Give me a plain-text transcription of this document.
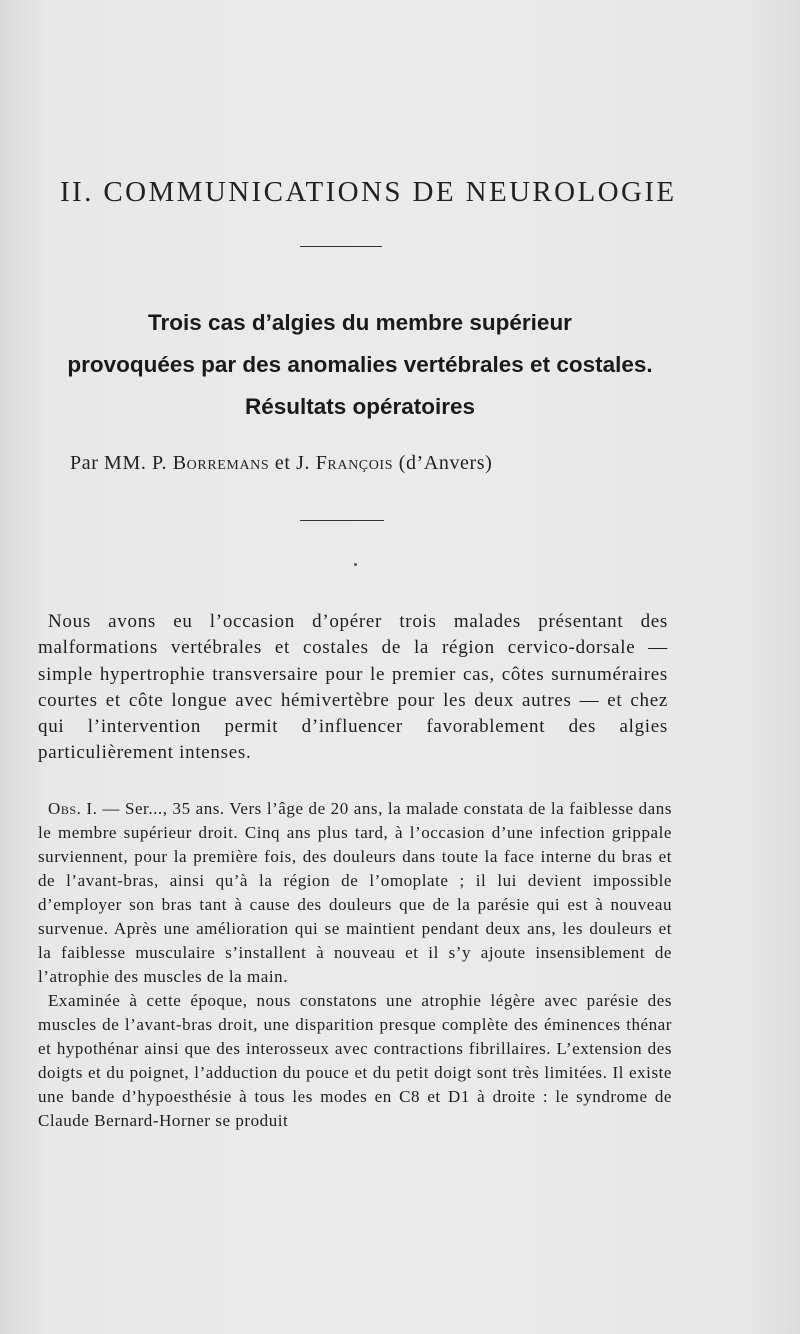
II. COMMUNICATIONS DE NEUROLOGIE
Trois cas d’algies du membre supérieur
provoquées par des anomalies vertébrales et costales.
Résultats opératoires
Par MM. P. Borremans et J. François (d’Anvers)

Nous avons eu l’occasion d’opérer trois malades présentant des malformations vertébrales et costales de la région cervico-dorsale — simple hypertrophie transversaire pour le premier cas, côtes surnuméraires courtes et côte longue avec hémivertèbre pour les deux autres — et chez qui l’intervention permit d’influencer favorablement des algies particulièrement intenses.

Obs. I. — Ser..., 35 ans. Vers l’âge de 20 ans, la malade constata de la faiblesse dans le membre supérieur droit. Cinq ans plus tard, à l’occasion d’une infection grippale surviennent, pour la première fois, des douleurs dans toute la face interne du bras et de l’avant-bras, ainsi qu’à la région de l’omoplate ; il lui devient impossible d’employer son bras tant à cause des douleurs que de la parésie qui est à nouveau survenue. Après une amélioration qui se maintient pendant deux ans, les douleurs et la faiblesse musculaire s’installent à nouveau et il s’y ajoute insensiblement de l’atrophie des muscles de la main.

Examinée à cette époque, nous constatons une atrophie légère avec parésie des muscles de l’avant-bras droit, une disparition presque complète des éminences thénar et hypothénar ainsi que des interosseux avec contractions fibrillaires. L’extension des doigts et du poignet, l’adduction du pouce et du petit doigt sont très limitées. Il existe une bande d’hypoesthésie à tous les modes en C8 et D1 à droite : le syndrome de Claude Bernard-Horner se produit
